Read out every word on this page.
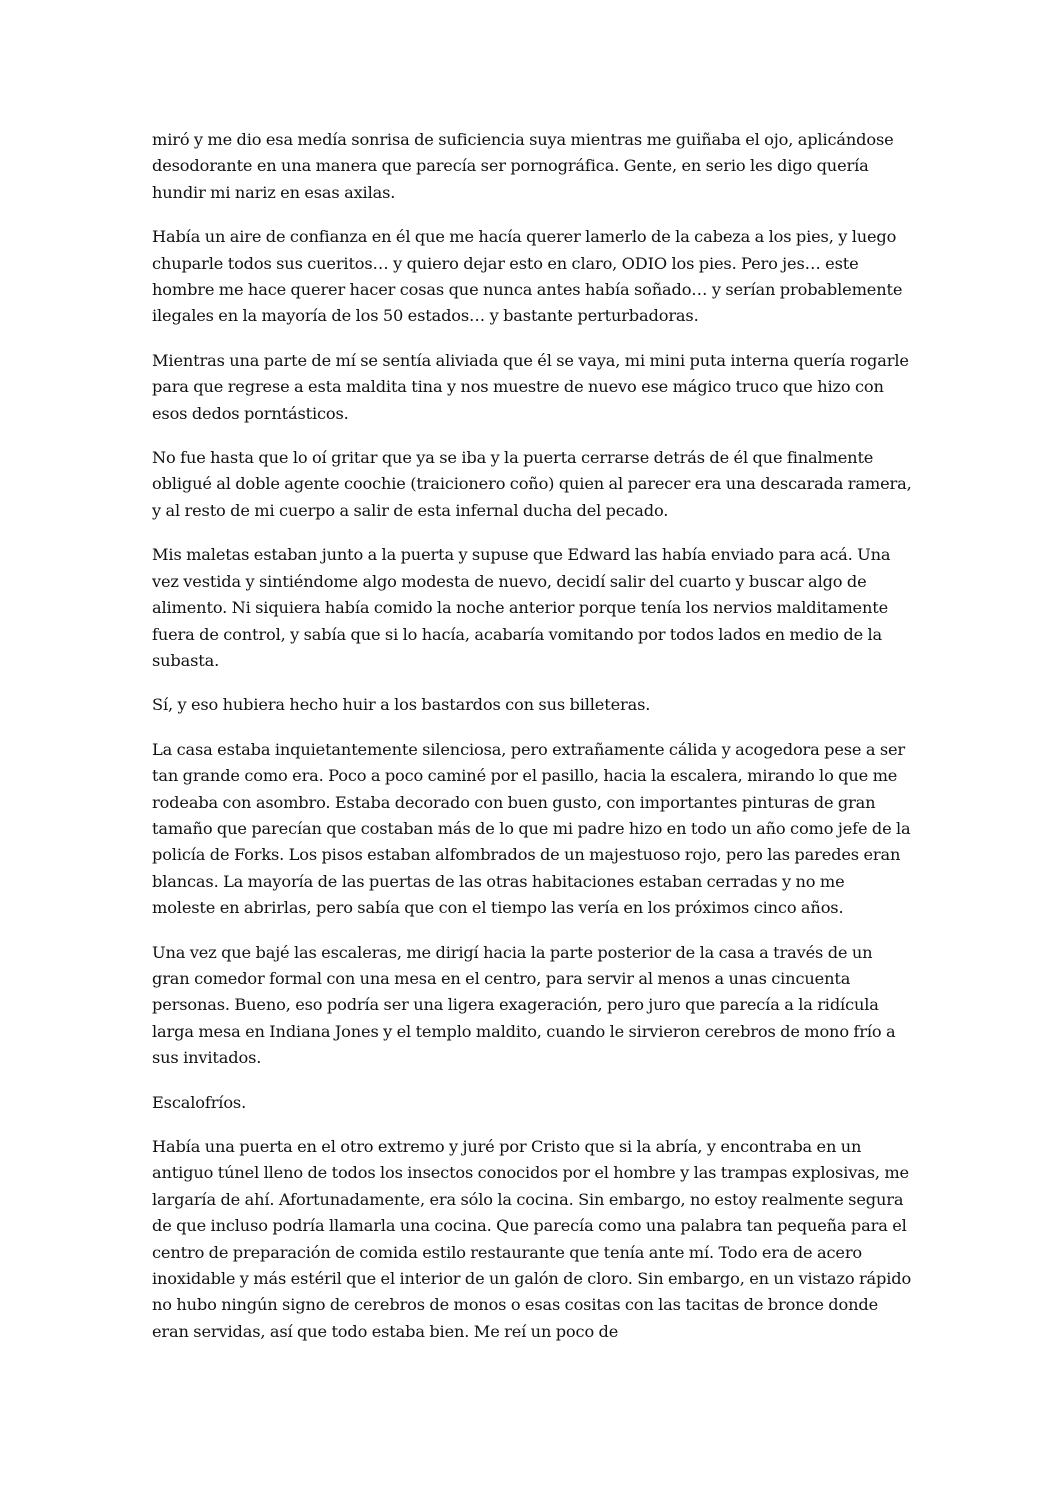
miró y me dio esa medía sonrisa de suficiencia suya mientras me guiñaba el ojo, aplicándose desodorante en una manera que parecía ser pornográfica. Gente, en serio les digo quería hundir mi nariz en esas axilas.

Había un aire de confianza en él que me hacía querer lamerlo de la cabeza a los pies, y luego chuparle todos sus cueritos… y quiero dejar esto en claro, ODIO los pies. Pero jes… este hombre me hace querer hacer cosas que nunca antes había soñado… y serían probablemente ilegales en la mayoría de los 50 estados… y bastante perturbadoras.

Mientras una parte de mí se sentía aliviada que él se vaya, mi mini puta interna quería rogarle para que regrese a esta maldita tina y nos muestre de nuevo ese mágico truco que hizo con esos dedos porntásticos.

No fue hasta que lo oí gritar que ya se iba y la puerta cerrarse detrás de él que finalmente obligué al doble agente coochie (traicionero coño) quien al parecer era una descarada ramera, y al resto de mi cuerpo a salir de esta infernal ducha del pecado.

Mis maletas estaban junto a la puerta y supuse que Edward las había enviado para acá. Una vez vestida y sintiéndome algo modesta de nuevo, decidí salir del cuarto y buscar algo de alimento. Ni siquiera había comido la noche anterior porque tenía los nervios malditamente fuera de control, y sabía que si lo hacía, acabaría vomitando por todos lados en medio de la subasta.

Sí, y eso hubiera hecho huir a los bastardos con sus billeteras.

La casa estaba inquietantemente silenciosa, pero extrañamente cálida y acogedora pese a ser tan grande como era. Poco a poco caminé por el pasillo, hacia la escalera, mirando lo que me rodeaba con asombro. Estaba decorado con buen gusto, con importantes pinturas de gran tamaño que parecían que costaban más de lo que mi padre hizo en todo un año como jefe de la policía de Forks. Los pisos estaban alfombrados de un majestuoso rojo, pero las paredes eran blancas. La mayoría de las puertas de las otras habitaciones estaban cerradas y no me moleste en abrirlas, pero sabía que con el tiempo las vería en los próximos cinco años.

Una vez que bajé las escaleras, me dirigí hacia la parte posterior de la casa a través de un gran comedor formal con una mesa en el centro, para servir al menos a unas cincuenta personas. Bueno, eso podría ser una ligera exageración, pero juro que parecía a la ridícula larga mesa en Indiana Jones y el templo maldito, cuando le sirvieron cerebros de mono frío a sus invitados.

Escalofríos.

Había una puerta en el otro extremo y juré por Cristo que si la abría, y encontraba en un antiguo túnel lleno de todos los insectos conocidos por el hombre y las trampas explosivas, me largaría de ahí. Afortunadamente, era sólo la cocina. Sin embargo, no estoy realmente segura de que incluso podría llamarla una cocina. Que parecía como una palabra tan pequeña para el centro de preparación de comida estilo restaurante que tenía ante mí. Todo era de acero inoxidable y más estéril que el interior de un galón de cloro. Sin embargo, en un vistazo rápido no hubo ningún signo de cerebros de monos o esas cositas con las tacitas de bronce donde eran servidas, así que todo estaba bien. Me reí un poco de
